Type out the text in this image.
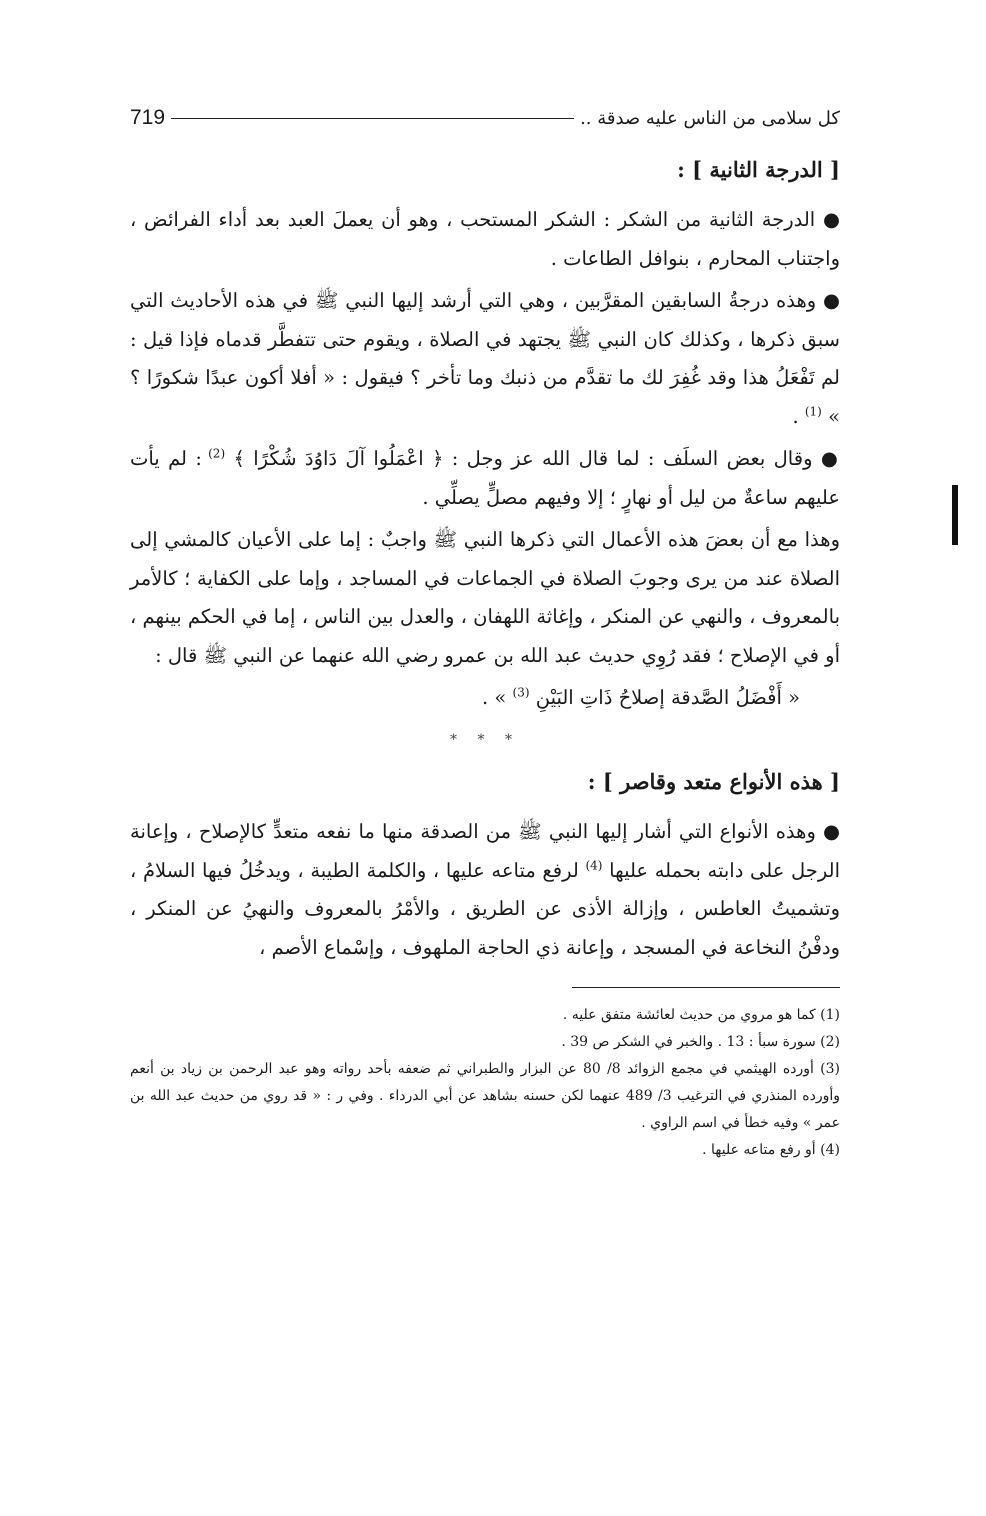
كل سلامى من الناس عليه صدقة ..
719
[ الدرجة الثانية ] :

● الدرجة الثانية من الشكر : الشكر المستحب ، وهو أن يعملَ العبد بعد أداء الفرائض ، واجتناب المحارم ، بنوافل الطاعات .

● وهذه درجةُ السابقين المقرَّبين ، وهي التي أرشد إليها النبي ﷺ في هذه الأحاديث التي سبق ذكرها ، وكذلك كان النبي ﷺ يجتهد في الصلاة ، ويقوم حتى تتفطَّر قدماه فإذا قيل : لم تَفْعَلُ هذا وقد غُفِرَ لك ما تقدَّم من ذنبك وما تأخر ؟ فيقول : « أفلا أكون عبدًا شكورًا ؟ » $^{(1)}$ .

● وقال بعض السلَف : لما قال الله عز وجل : ﴿ اعْمَلُوا آلَ دَاوُدَ شُكْرًا ﴾ $^{(2)}$ : لم يأت عليهم ساعةٌ من ليل أو نهارٍ ؛ إلا وفيهم مصلٍّ يصلِّي .

وهذا مع أن بعضَ هذه الأعمال التي ذكرها النبي ﷺ واجبٌ : إما على الأعيان كالمشي إلى الصلاة عند من يرى وجوبَ الصلاة في الجماعات في المساجد ، وإما على الكفاية ؛ كالأمر بالمعروف ، والنهي عن المنكر ، وإغاثة اللهفان ، والعدل بين الناس ، إما في الحكم بينهم ، أو في الإصلاح ؛ فقد رُوِي حديث عبد الله بن عمرو رضي الله عنهما عن النبي ﷺ قال :

« أَفْضَلُ الصَّدقة إصلاحُ ذَاتِ البَيْنِ $^{(3)}$ » .

* * *
[ هذه الأنواع متعد وقاصر ] :

● وهذه الأنواع التي أشار إليها النبي ﷺ من الصدقة منها ما نفعه متعدٍّ كالإصلاح ، وإعانة الرجل على دابته بحمله عليها $^{(4)}$ لرفع متاعه عليها ، والكلمة الطيبة ، ويدخُلُ فيها السلامُ ، وتشميتُ العاطس ، وإزالة الأذى عن الطريق ، والأمْرُ بالمعروف والنهيُ عن المنكر ، ودفْنُ النخاعة في المسجد ، وإعانة ذي الحاجة الملهوف ، وإسْماع الأصم ،

(1) كما هو مروي من حديث لعائشة متفق عليه .

(2) سورة سبأ : 13 . والخبر في الشكر ص 39 .

(3) أورده الهيثمي في مجمع الزوائد 8/ 80 عن البزار والطبراني ثم ضعفه بأحد رواته وهو عبد الرحمن بن زياد بن أنعم وأورده المنذري في الترغيب 3/ 489 عنهما لكن حسنه بشاهد عن أبي الدرداء . وفي ر : « قد روي من حديث عبد الله بن عمر » وفيه خطأ في اسم الراوي .

(4) أو رفع متاعه عليها .
